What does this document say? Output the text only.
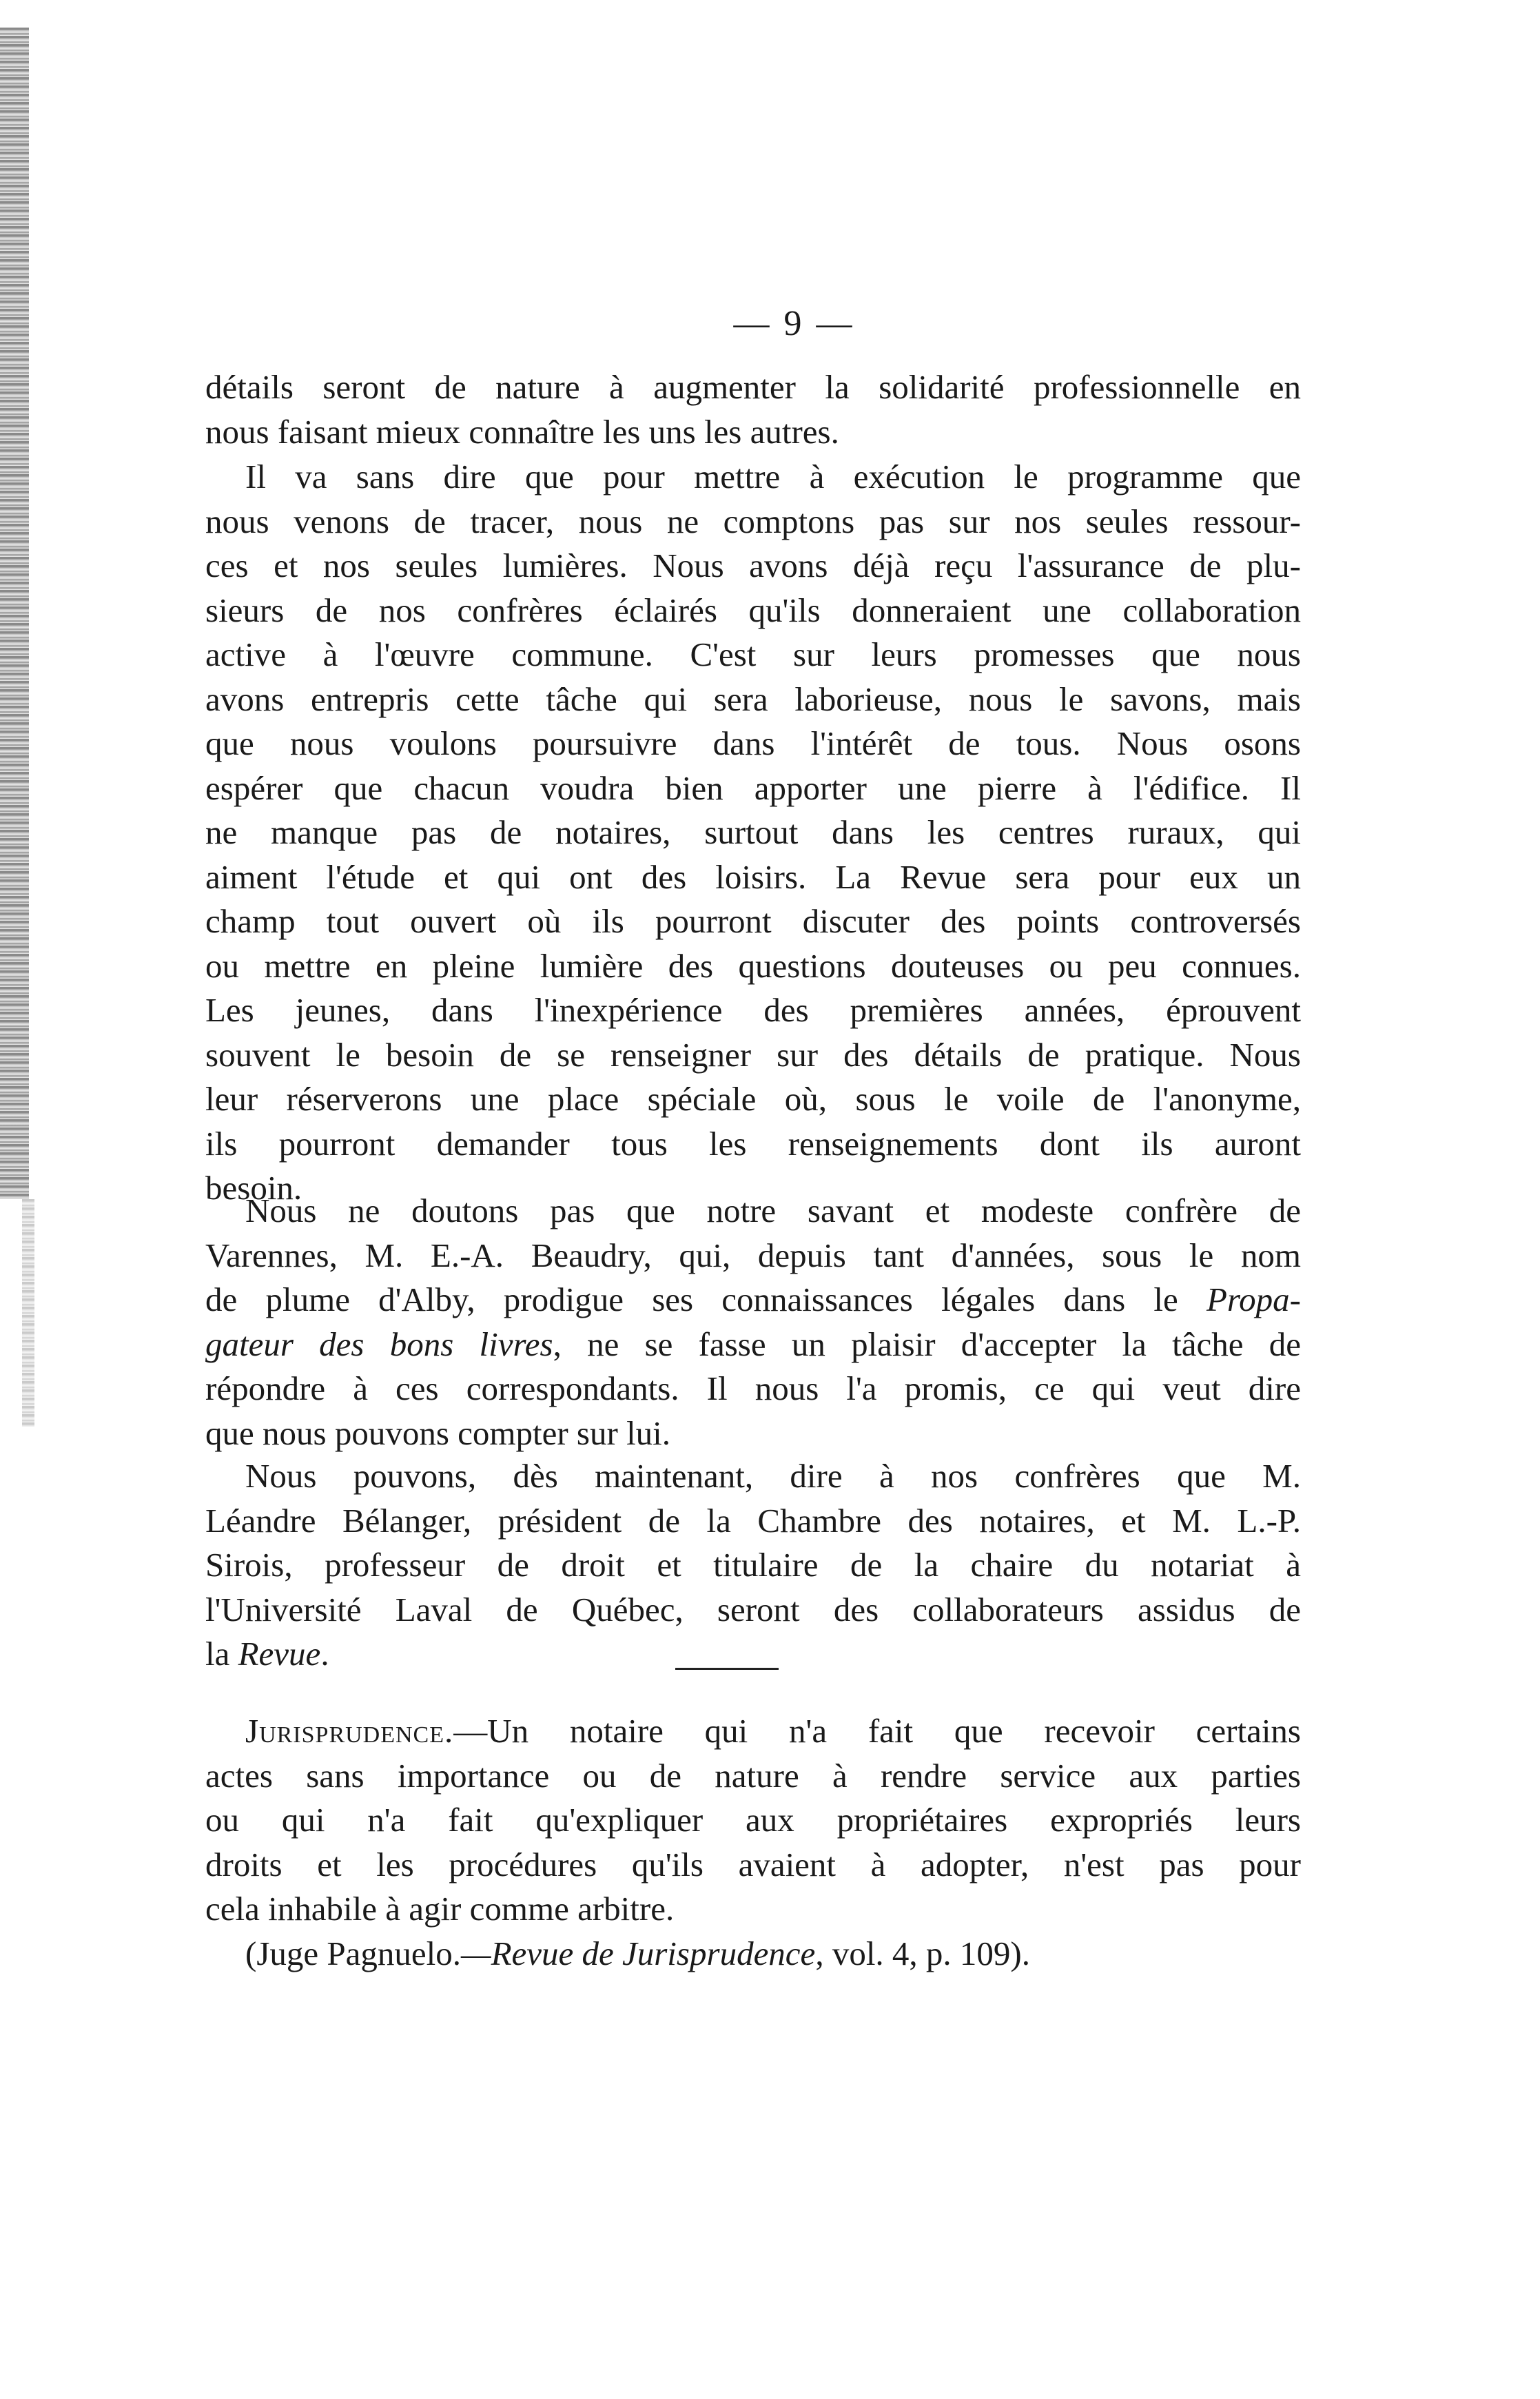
— 9 —
détails seront de nature à augmenter la solidarité professionnelle en
nous faisant mieux connaître les uns les autres.
Il va sans dire que pour mettre à exécution le programme que
nous venons de tracer, nous ne comptons pas sur nos seules ressour-
ces et nos seules lumières. Nous avons déjà reçu l'assurance de plu-
sieurs de nos confrères éclairés qu'ils donneraient une collaboration
active à l'œuvre commune. C'est sur leurs promesses que nous
avons entrepris cette tâche qui sera laborieuse, nous le savons, mais
que nous voulons poursuivre dans l'intérêt de tous. Nous osons
espérer que chacun voudra bien apporter une pierre à l'édifice. Il
ne manque pas de notaires, surtout dans les centres ruraux, qui
aiment l'étude et qui ont des loisirs. La Revue sera pour eux un
champ tout ouvert où ils pourront discuter des points controversés
ou mettre en pleine lumière des questions douteuses ou peu connues.
Les jeunes, dans l'inexpérience des premières années, éprouvent
souvent le besoin de se renseigner sur des détails de pratique. Nous
leur réserverons une place spéciale où, sous le voile de l'anonyme,
ils pourront demander tous les renseignements dont ils auront
besoin.
Nous ne doutons pas que notre savant et modeste confrère de
Varennes, M. E.-A. Beaudry, qui, depuis tant d'années, sous le nom
de plume d'Alby, prodigue ses connaissances légales dans le Propa-
gateur des bons livres, ne se fasse un plaisir d'accepter la tâche de
répondre à ces correspondants. Il nous l'a promis, ce qui veut dire
que nous pouvons compter sur lui.
Nous pouvons, dès maintenant, dire à nos confrères que M.
Léandre Bélanger, président de la Chambre des notaires, et M. L.-P.
Sirois, professeur de droit et titulaire de la chaire du notariat à
l'Université Laval de Québec, seront des collaborateurs assidus de
la Revue.
Jurisprudence.—Un notaire qui n'a fait que recevoir certains
actes sans importance ou de nature à rendre service aux parties
ou qui n'a fait qu'expliquer aux propriétaires expropriés leurs
droits et les procédures qu'ils avaient à adopter, n'est pas pour
cela inhabile à agir comme arbitre.
(Juge Pagnuelo.—Revue de Jurisprudence, vol. 4, p. 109).
